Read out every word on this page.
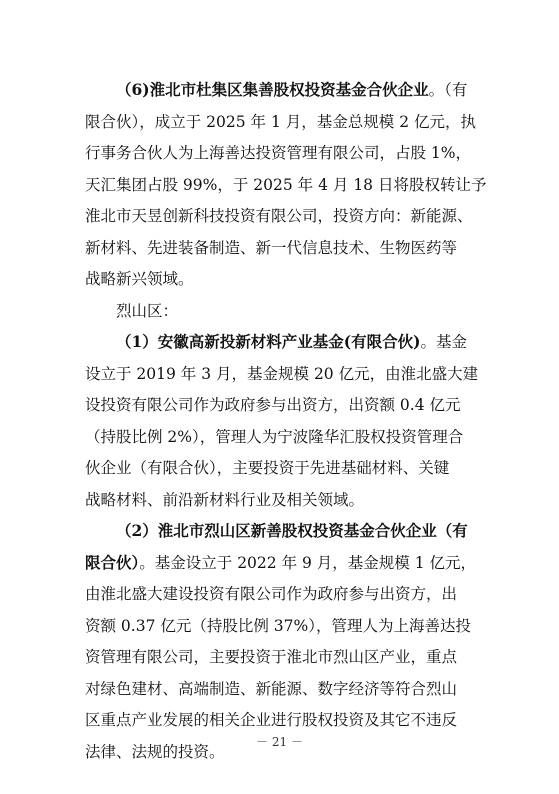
（6)淮北市杜集区集善股权投资基金合伙企业。（有
限合伙），成立于 2025 年 1 月，基金总规模 2 亿元，执
行事务合伙人为上海善达投资管理有限公司，占股 1%，
天汇集团占股 99%，于 2025 年 4 月 18 日将股权转让予
淮北市天昱创新科技投资有限公司，投资方向：新能源、
新材料、先进装备制造、新一代信息技术、生物医药等
战略新兴领域。
烈山区：
（1）安徽高新投新材料产业基金(有限合伙)。基金
设立于 2019 年 3 月，基金规模 20 亿元，由淮北盛大建
设投资有限公司作为政府参与出资方，出资额 0.4 亿元
（持股比例 2%），管理人为宁波隆华汇股权投资管理合
伙企业（有限合伙），主要投资于先进基础材料、关键
战略材料、前沿新材料行业及相关领域。
（2）淮北市烈山区新善股权投资基金合伙企业（有
限合伙）。基金设立于 2022 年 9 月，基金规模 1 亿元，
由淮北盛大建设投资有限公司作为政府参与出资方，出
资额 0.37 亿元（持股比例 37%），管理人为上海善达投
资管理有限公司，主要投资于淮北市烈山区产业，重点
对绿色建材、高端制造、新能源、数字经济等符合烈山
区重点产业发展的相关企业进行股权投资及其它不违反
法律、法规的投资。
－ 21 －
